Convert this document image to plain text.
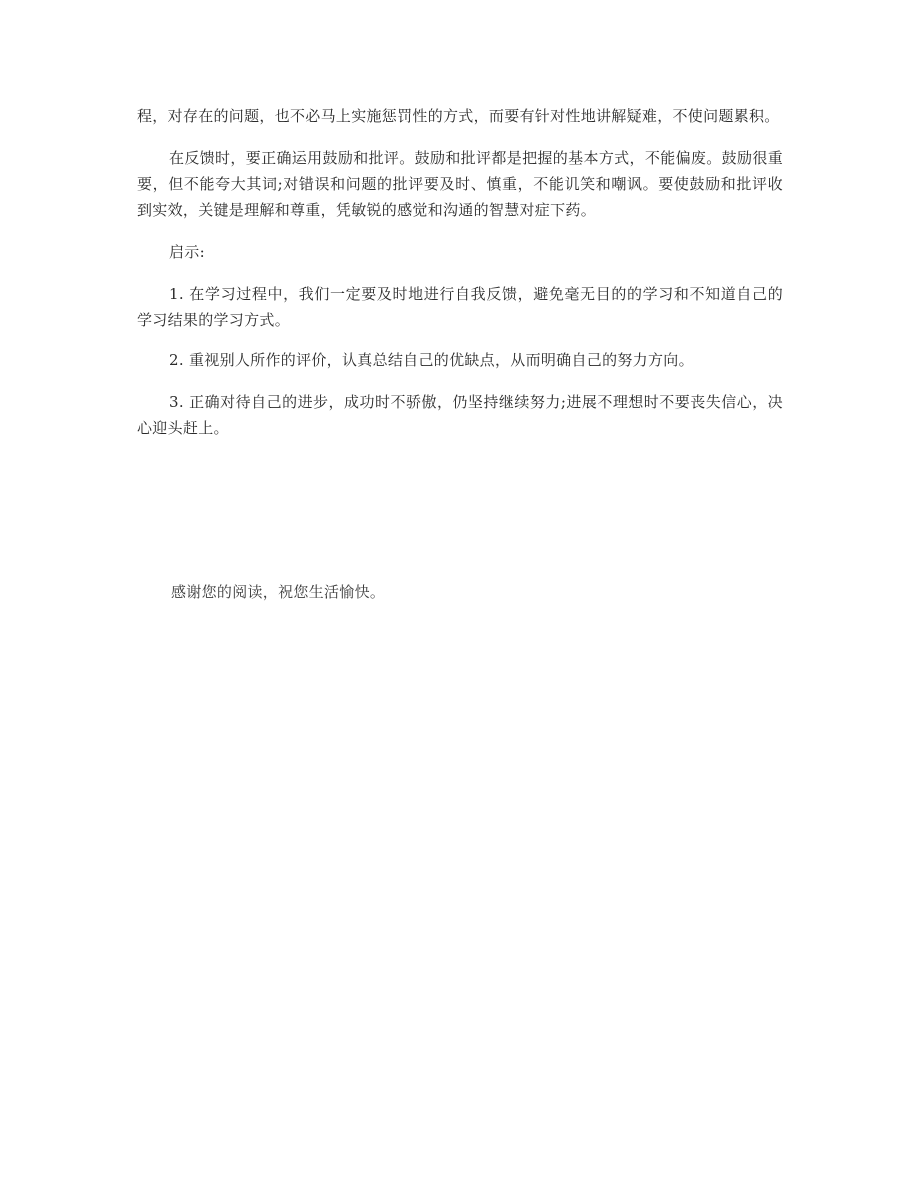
程，对存在的问题，也不必马上实施惩罚性的方式，而要有针对性地讲解疑难，不使问题累积。

在反馈时，要正确运用鼓励和批评。鼓励和批评都是把握的基本方式，不能偏废。鼓励很重要，但不能夸大其词;对错误和问题的批评要及时、慎重，不能讥笑和嘲讽。要使鼓励和批评收到实效，关键是理解和尊重，凭敏锐的感觉和沟通的智慧对症下药。

启示:

1. 在学习过程中，我们一定要及时地进行自我反馈，避免毫无目的的学习和不知道自己的学习结果的学习方式。

2. 重视别人所作的评价，认真总结自己的优缺点，从而明确自己的努力方向。

3. 正确对待自己的进步，成功时不骄傲，仍坚持继续努力;进展不理想时不要丧失信心，决心迎头赶上。

感谢您的阅读，祝您生活愉快。
